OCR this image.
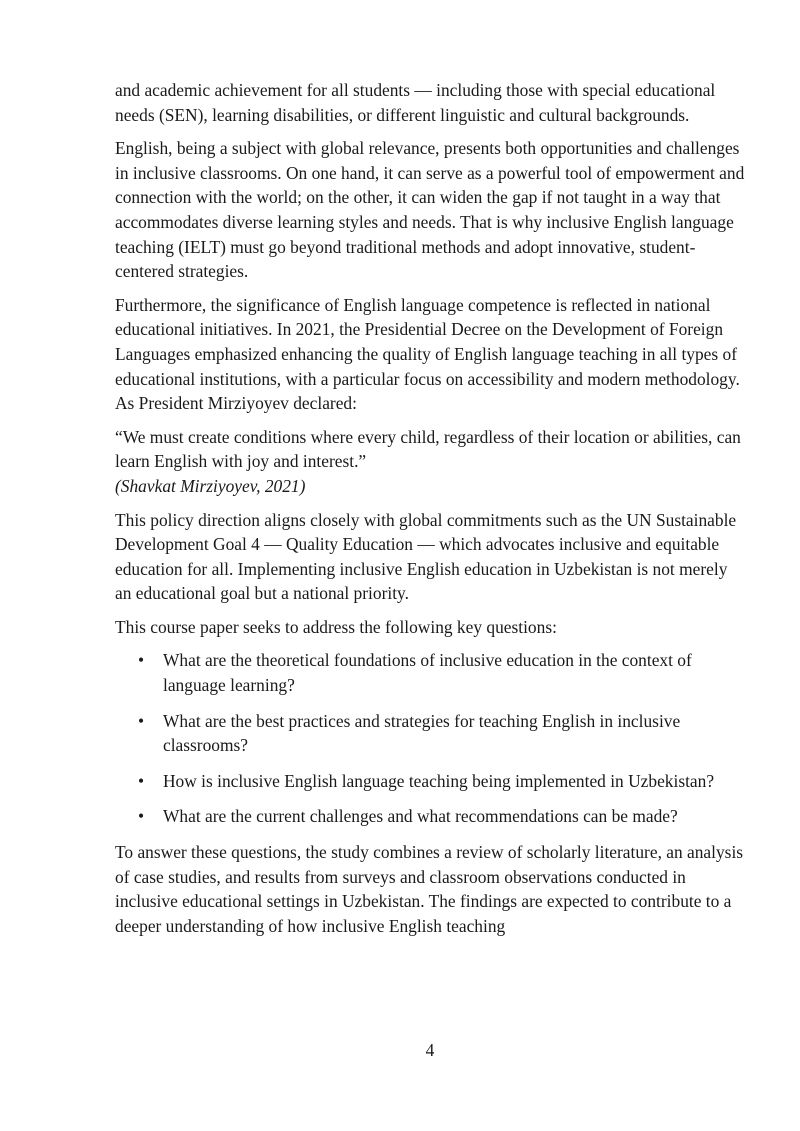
and academic achievement for all students — including those with special educational needs (SEN), learning disabilities, or different linguistic and cultural backgrounds.

English, being a subject with global relevance, presents both opportunities and challenges in inclusive classrooms. On one hand, it can serve as a powerful tool of empowerment and connection with the world; on the other, it can widen the gap if not taught in a way that accommodates diverse learning styles and needs. That is why inclusive English language teaching (IELT) must go beyond traditional methods and adopt innovative, student-centered strategies.

Furthermore, the significance of English language competence is reflected in national educational initiatives. In 2021, the Presidential Decree on the Development of Foreign Languages emphasized enhancing the quality of English language teaching in all types of educational institutions, with a particular focus on accessibility and modern methodology. As President Mirziyoyev declared:

“We must create conditions where every child, regardless of their location or abilities, can learn English with joy and interest.”
(Shavkat Mirziyoyev, 2021)

This policy direction aligns closely with global commitments such as the UN Sustainable Development Goal 4 — Quality Education — which advocates inclusive and equitable education for all. Implementing inclusive English education in Uzbekistan is not merely an educational goal but a national priority.

This course paper seeks to address the following key questions:

• What are the theoretical foundations of inclusive education in the context of language learning?
• What are the best practices and strategies for teaching English in inclusive classrooms?
• How is inclusive English language teaching being implemented in Uzbekistan?
• What are the current challenges and what recommendations can be made?

To answer these questions, the study combines a review of scholarly literature, an analysis of case studies, and results from surveys and classroom observations conducted in inclusive educational settings in Uzbekistan. The findings are expected to contribute to a deeper understanding of how inclusive English teaching

4
